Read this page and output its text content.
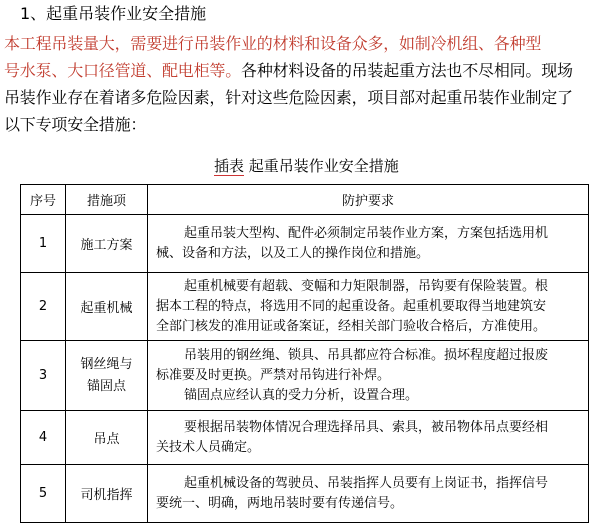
1、起重吊装作业安全措施
本工程吊装量大，需要进行吊装作业的材料和设备众多，如制冷机组、各种型
号水泵、大口径管道、配电柜等。各种材料设备的吊装起重方法也不尽相同。现场
吊装作业存在着诸多危险因素，针对这些危险因素，项目部对起重吊装作业制定了
以下专项安全措施：
插表 起重吊装作业安全措施
序号	措施项	防护要求
1	施工方案	起重吊装大型构、配件必须制定吊装作业方案，方案包括选用机
械、设备和方法，以及工人的操作岗位和措施。

2	起重机械	起重机械要有超载、变幅和力矩限制器，吊钩要有保险装置。根
据本工程的特点，将选用不同的起重设备。起重机要取得当地建筑安
全部门核发的准用证或备案证，经相关部门验收合格后，方准使用。

3	钢丝绳与
锚固点	吊装用的钢丝绳、锁具、吊具都应符合标准。损坏程度超过报废
标准要及时更换。严禁对吊钩进行补焊。
锚固点应经认真的受力分析，设置合理。

4	吊点	要根据吊装物体情况合理选择吊具、索具，被吊物体吊点要经相
关技术人员确定。

5	司机指挥	起重机械设备的驾驶员、吊装指挥人员要有上岗证书，指挥信号
要统一、明确，两地吊装时要有传递信号。
